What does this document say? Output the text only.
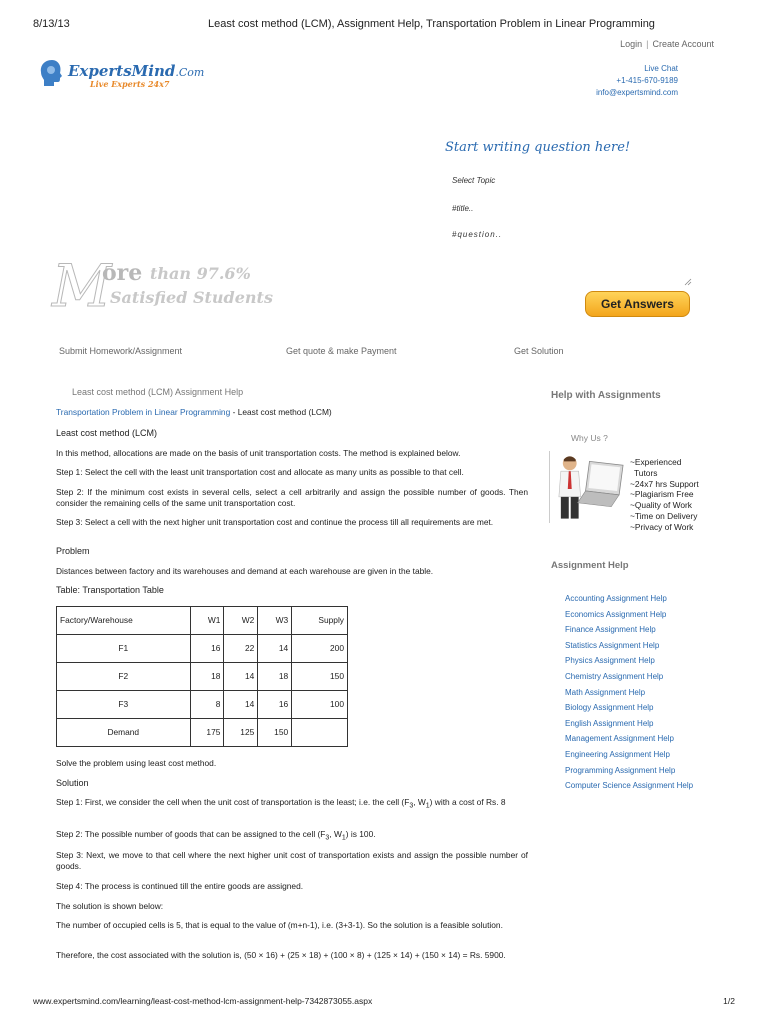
8/13/13	Least cost method (LCM), Assignment Help, Transportation Problem in Linear Programming
Login | Create Account
ExpertsMind.Com
Live Experts 24x7
Live Chat
+1-415-670-9189
info@expertsmind.com
Start writing question here!
Select Topic
#title..
#question..
M
ore than 97.6%
Satisfied Students	Get Answers
Submit Homework/Assignment	Get quote & make Payment	Get Solution
Least cost method (LCM) Assignment Help
Transportation Problem in Linear Programming - Least cost method (LCM)
Least cost method (LCM)
In this method, allocations are made on the basis of unit transportation costs. The method is explained below.
Step 1: Select the cell with the least unit transportation cost and allocate as many units as possible to that cell.
Step 2: If the minimum cost exists in several cells, select a cell arbitrarily and assign the possible number of goods. Then consider the remaining cells of the same unit transportation cost.
Step 3: Select a cell with the next higher unit transportation cost and continue the process till all requirements are met.
Problem
Distances between factory and its warehouses and demand at each warehouse are given in the table.
Table: Transportation Table
Factory/Warehouse	W1	W2	W3	Supply
F1	16	22	14	200
F2	18	14	18	150
F3	8	14	16	100
Demand	175	125	150	
Solve the problem using least cost method.
Solution
Step 1: First, we consider the cell when the unit cost of transportation is the least; i.e. the cell ($F_3$, $W_1$) with a cost of Rs. 8
Step 2: The possible number of goods that can be assigned to the cell ($F_3$, $W_1$) is 100.
Step 3: Next, we move to that cell where the next higher unit cost of transportation exists and assign the possible number of goods.
Step 4: The process is continued till the entire goods are assigned.
The solution is shown below:
The number of occupied cells is 5, that is equal to the value of (m+n-1), i.e. (3+3-1). So the solution is a feasible solution.
Therefore, the cost associated with the solution is, (50 × 16) + (25 × 18) + (100 × 8) + (125 × 14) + (150 × 14) = Rs. 5900.
Help with Assignments
Why Us ?
~Experienced
Tutors
~24x7 hrs Support
~Plagiarism Free
~Quality of Work
~Time on Delivery
~Privacy of Work
Assignment Help
Accounting Assignment Help
Economics Assignment Help
Finance Assignment Help
Statistics Assignment Help
Physics Assignment Help
Chemistry Assignment Help
Math Assignment Help
Biology Assignment Help
English Assignment Help
Management Assignment Help
Engineering Assignment Help
Programming Assignment Help
Computer Science Assignment Help
www.expertsmind.com/learning/least-cost-method-lcm-assignment-help-7342873055.aspx	1/2
